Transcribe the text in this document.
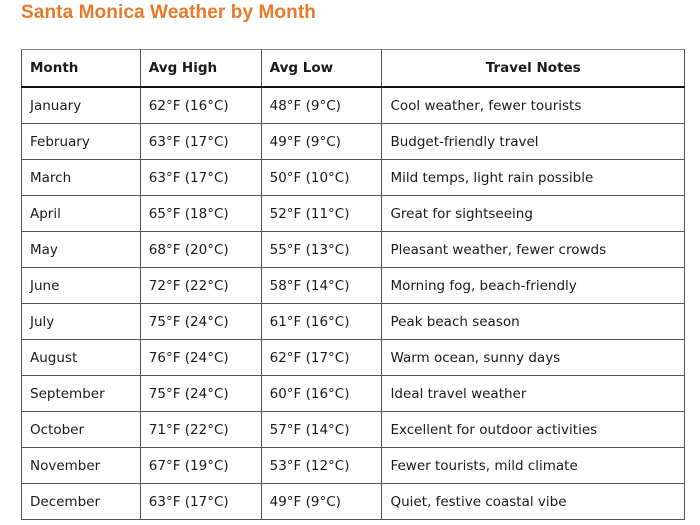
Santa Monica Weather by Month
Month	Avg High	Avg Low	Travel Notes
January	62°F (16°C)	48°F (9°C)	Cool weather, fewer tourists
February	63°F (17°C)	49°F (9°C)	Budget-friendly travel
March	63°F (17°C)	50°F (10°C)	Mild temps, light rain possible
April	65°F (18°C)	52°F (11°C)	Great for sightseeing
May	68°F (20°C)	55°F (13°C)	Pleasant weather, fewer crowds
June	72°F (22°C)	58°F (14°C)	Morning fog, beach-friendly
July	75°F (24°C)	61°F (16°C)	Peak beach season
August	76°F (24°C)	62°F (17°C)	Warm ocean, sunny days
September	75°F (24°C)	60°F (16°C)	Ideal travel weather
October	71°F (22°C)	57°F (14°C)	Excellent for outdoor activities
November	67°F (19°C)	53°F (12°C)	Fewer tourists, mild climate
December	63°F (17°C)	49°F (9°C)	Quiet, festive coastal vibe
